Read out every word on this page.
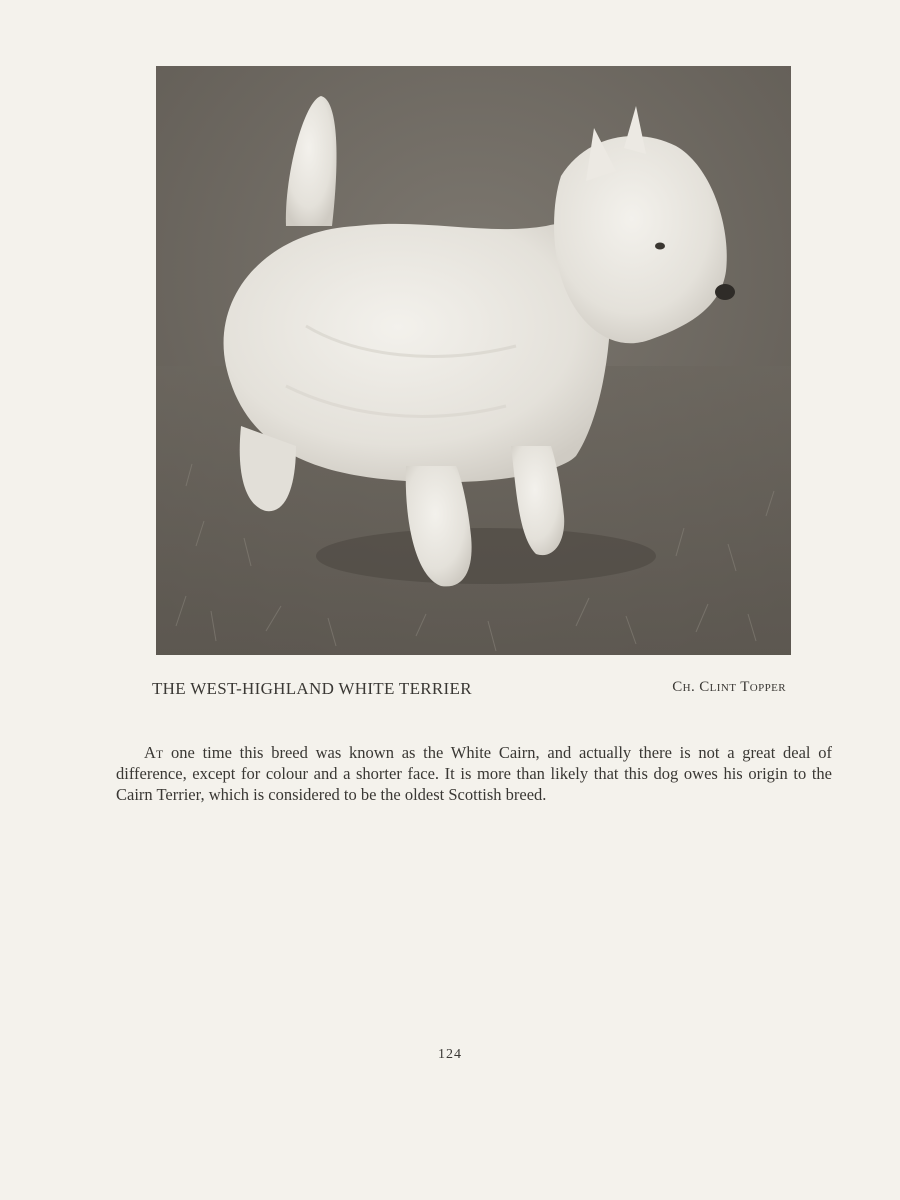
THE WEST-HIGHLAND WHITE TERRIER	Ch. Clint Topper

At one time this breed was known as the White Cairn, and actually there is not a great deal of difference, except for colour and a shorter face. It is more than likely that this dog owes his origin to the Cairn Terrier, which is considered to be the oldest Scottish breed.

124
